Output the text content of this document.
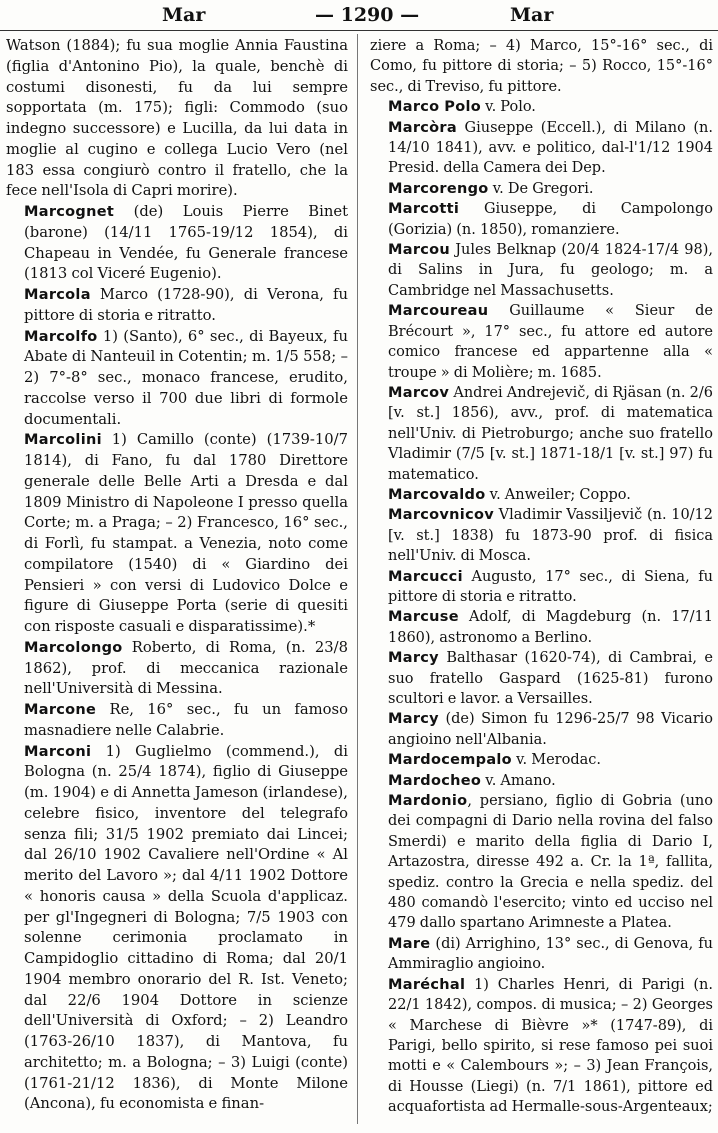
Mar	— 1290 —	Mar

Watson (1884); fu sua moglie Annia Faustina (figlia d'Antonino Pio), la quale, benchè di costumi disonesti, fu da lui sempre sopportata (m. 175); figli: Commodo (suo indegno successore) e Lucilla, da lui data in moglie al cugino e collega Lucio Vero (nel 183 essa congiurò contro il fratello, che la fece nell'Isola di Capri morire).

Marcognet (de) Louis Pierre Binet (barone) (14/11 1765-19/12 1854), di Chapeau in Vendée, fu Generale francese (1813 col Viceré Eugenio).

Marcola Marco (1728-90), di Verona, fu pittore di storia e ritratto.

Marcolfo 1) (Santo), 6° sec., di Bayeux, fu Abate di Nanteuil in Cotentin; m. 1/5 558; – 2) 7°-8° sec., monaco francese, erudito, raccolse verso il 700 due libri di formole documentali.

Marcolini 1) Camillo (conte) (1739-10/7 1814), di Fano, fu dal 1780 Direttore generale delle Belle Arti a Dresda e dal 1809 Ministro di Napoleone I presso quella Corte; m. a Praga; – 2) Francesco, 16° sec., di Forlì, fu stampat. a Venezia, noto come compilatore (1540) di « Giardino dei Pensieri » con versi di Ludovico Dolce e figure di Giuseppe Porta (serie di quesiti con risposte casuali e disparatissime).*

Marcolongo Roberto, di Roma, (n. 23/8 1862), prof. di meccanica razionale nell'Università di Messina.

Marcone Re, 16° sec., fu un famoso masnadiere nelle Calabrie.

Marconi 1) Guglielmo (commend.), di Bologna (n. 25/4 1874), figlio di Giuseppe (m. 1904) e di Annetta Jameson (irlandese), celebre fisico, inventore del telegrafo senza fili; 31/5 1902 premiato dai Lincei; dal 26/10 1902 Cavaliere nell'Ordine « Al merito del Lavoro »; dal 4/11 1902 Dottore « honoris causa » della Scuola d'applicaz. per gl'Ingegneri di Bologna; 7/5 1903 con solenne cerimonia proclamato in Campidoglio cittadino di Roma; dal 20/1 1904 membro onorario del R. Ist. Veneto; dal 22/6 1904 Dottore in scienze dell'Università di Oxford; – 2) Leandro (1763-26/10 1837), di Mantova, fu architetto; m. a Bologna; – 3) Luigi (conte) (1761-21/12 1836), di Monte Milone (Ancona), fu economista e finan-

ziere a Roma; – 4) Marco, 15°-16° sec., di Como, fu pittore di storia; – 5) Rocco, 15°-16° sec., di Treviso, fu pittore.

Marco Polo v. Polo.

Marcòra Giuseppe (Eccell.), di Milano (n. 14/10 1841), avv. e politico, dal-l'1/12 1904 Presid. della Camera dei Dep.

Marcorengo v. De Gregori.

Marcotti Giuseppe, di Campolongo (Gorizia) (n. 1850), romanziere.

Marcou Jules Belknap (20/4 1824-17/4 98), di Salins in Jura, fu geologo; m. a Cambridge nel Massachusetts.

Marcoureau Guillaume « Sieur de Brécourt », 17° sec., fu attore ed autore comico francese ed appartenne alla « troupe » di Molière; m. 1685.

Marcov Andrei Andrejevič, di Rjäsan (n. 2/6 [v. st.] 1856), avv., prof. di matematica nell'Univ. di Pietroburgo; anche suo fratello Vladimir (7/5 [v. st.] 1871-18/1 [v. st.] 97) fu matematico.

Marcovaldo v. Anweiler; Coppo.

Marcovnicov Vladimir Vassiljevič (n. 10/12 [v. st.] 1838) fu 1873-90 prof. di fisica nell'Univ. di Mosca.

Marcucci Augusto, 17° sec., di Siena, fu pittore di storia e ritratto.

Marcuse Adolf, di Magdeburg (n. 17/11 1860), astronomo a Berlino.

Marcy Balthasar (1620-74), di Cambrai, e suo fratello Gaspard (1625-81) furono scultori e lavor. a Versailles.

Marcy (de) Simon fu 1296-25/7 98 Vicario angioino nell'Albania.

Mardocempalo v. Merodac.

Mardocheo v. Amano.

Mardonio, persiano, figlio di Gobria (uno dei compagni di Dario nella rovina del falso Smerdi) e marito della figlia di Dario I, Artazostra, diresse 492 a. Cr. la 1ª, fallita, spediz. contro la Grecia e nella spediz. del 480 comandò l'esercito; vinto ed ucciso nel 479 dallo spartano Arimneste a Platea.

Mare (di) Arrighino, 13° sec., di Genova, fu Ammiraglio angioino.

Maréchal 1) Charles Henri, di Parigi (n. 22/1 1842), compos. di musica; – 2) Georges « Marchese di Bièvre »* (1747-89), di Parigi, bello spirito, si rese famoso pei suoi motti e « Calembours »; – 3) Jean François, di Housse (Liegi) (n. 7/1 1861), pittore ed acquafortista ad Hermalle-sous-Argenteaux;
